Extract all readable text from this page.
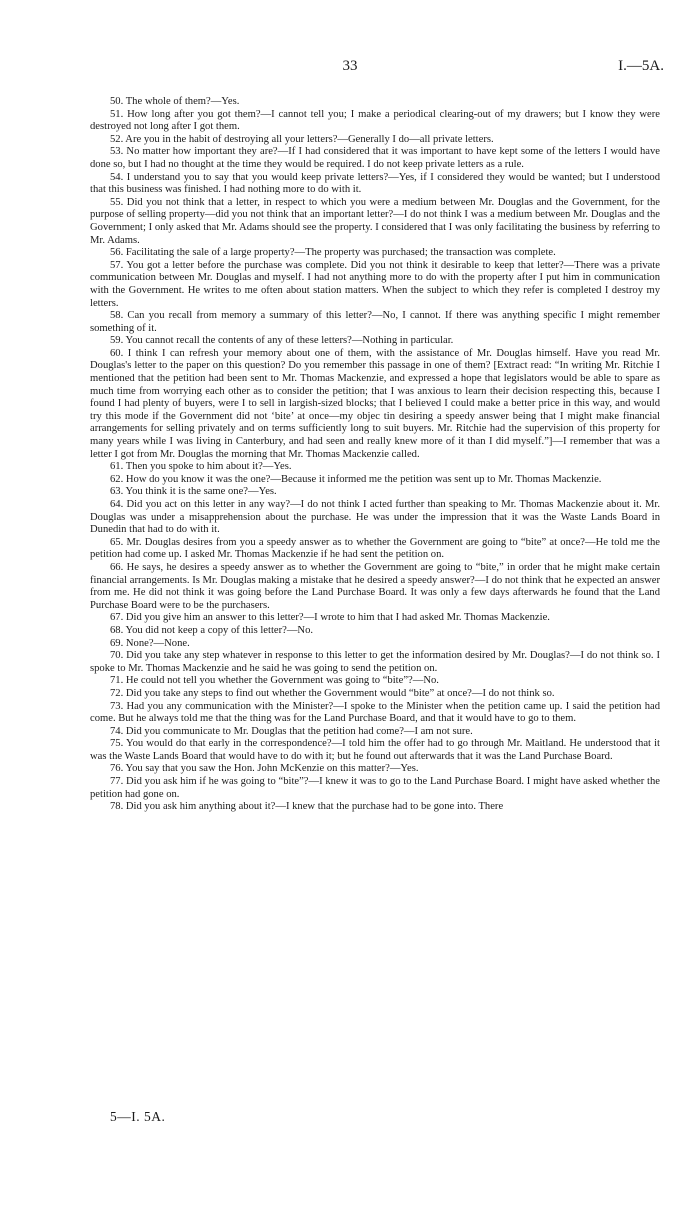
33	I.—5A.

50. The whole of them?—Yes.

51. How long after you got them?—I cannot tell you; I make a periodical clearing-out of my drawers; but I know they were destroyed not long after I got them.

52. Are you in the habit of destroying all your letters?—Generally I do—all private letters.

53. No matter how important they are?—If I had considered that it was important to have kept some of the letters I would have done so, but I had no thought at the time they would be required. I do not keep private letters as a rule.

54. I understand you to say that you would keep private letters?—Yes, if I considered they would be wanted; but I understood that this business was finished. I had nothing more to do with it.

55. Did you not think that a letter, in respect to which you were a medium between Mr. Douglas and the Government, for the purpose of selling property—did you not think that an important letter?—I do not think I was a medium between Mr. Douglas and the Government; I only asked that Mr. Adams should see the property. I considered that I was only facilitating the business by referring to Mr. Adams.

56. Facilitating the sale of a large property?—The property was purchased; the transaction was complete.

57. You got a letter before the purchase was complete. Did you not think it desirable to keep that letter?—There was a private communication between Mr. Douglas and myself. I had not anything more to do with the property after I put him in communication with the Government. He writes to me often about station matters. When the subject to which they refer is completed I destroy my letters.

58. Can you recall from memory a summary of this letter?—No, I cannot. If there was anything specific I might remember something of it.

59. You cannot recall the contents of any of these letters?—Nothing in particular.

60. I think I can refresh your memory about one of them, with the assistance of Mr. Douglas himself. Have you read Mr. Douglas's letter to the paper on this question? Do you remember this passage in one of them? [Extract read: “In writing Mr. Ritchie I mentioned that the petition had been sent to Mr. Thomas Mackenzie, and expressed a hope that legislators would be able to spare as much time from worrying each other as to consider the petition; that I was anxious to learn their decision respecting this, because I found I had plenty of buyers, were I to sell in largish-sized blocks; that I believed I could make a better price in this way, and would try this mode if the Government did not ‘bite’ at once—my objec tin desiring a speedy answer being that I might make financial arrangements for selling privately and on terms sufficiently long to suit buyers. Mr. Ritchie had the supervision of this property for many years while I was living in Canterbury, and had seen and really knew more of it than I did myself.”]—I remember that was a letter I got from Mr. Douglas the morning that Mr. Thomas Mackenzie called.

61. Then you spoke to him about it?—Yes.

62. How do you know it was the one?—Because it informed me the petition was sent up to Mr. Thomas Mackenzie.

63. You think it is the same one?—Yes.

64. Did you act on this letter in any way?—I do not think I acted further than speaking to Mr. Thomas Mackenzie about it. Mr. Douglas was under a misapprehension about the purchase. He was under the impression that it was the Waste Lands Board in Dunedin that had to do with it.

65. Mr. Douglas desires from you a speedy answer as to whether the Government are going to “bite” at once?—He told me the petition had come up. I asked Mr. Thomas Mackenzie if he had sent the petition on.

66. He says, he desires a speedy answer as to whether the Government are going to “bite,” in order that he might make certain financial arrangements. Is Mr. Douglas making a mistake that he desired a speedy answer?—I do not think that he expected an answer from me. He did not think it was going before the Land Purchase Board. It was only a few days afterwards he found that the Land Purchase Board were to be the purchasers.

67. Did you give him an answer to this letter?—I wrote to him that I had asked Mr. Thomas Mackenzie.

68. You did not keep a copy of this letter?—No.

69. None?—None.

70. Did you take any step whatever in response to this letter to get the information desired by Mr. Douglas?—I do not think so. I spoke to Mr. Thomas Mackenzie and he said he was going to send the petition on.

71. He could not tell you whether the Government was going to “bite”?—No.

72. Did you take any steps to find out whether the Government would “bite” at once?—I do not think so.

73. Had you any communication with the Minister?—I spoke to the Minister when the petition came up. I said the petition had come. But he always told me that the thing was for the Land Purchase Board, and that it would have to go to them.

74. Did you communicate to Mr. Douglas that the petition had come?—I am not sure.

75. You would do that early in the correspondence?—I told him the offer had to go through Mr. Maitland. He understood that it was the Waste Lands Board that would have to do with it; but he found out afterwards that it was the Land Purchase Board.

76. You say that you saw the Hon. John McKenzie on this matter?—Yes.

77. Did you ask him if he was going to “bite”?—I knew it was to go to the Land Purchase Board. I might have asked whether the petition had gone on.

78. Did you ask him anything about it?—I knew that the purchase had to be gone into. There

5—I. 5A.
